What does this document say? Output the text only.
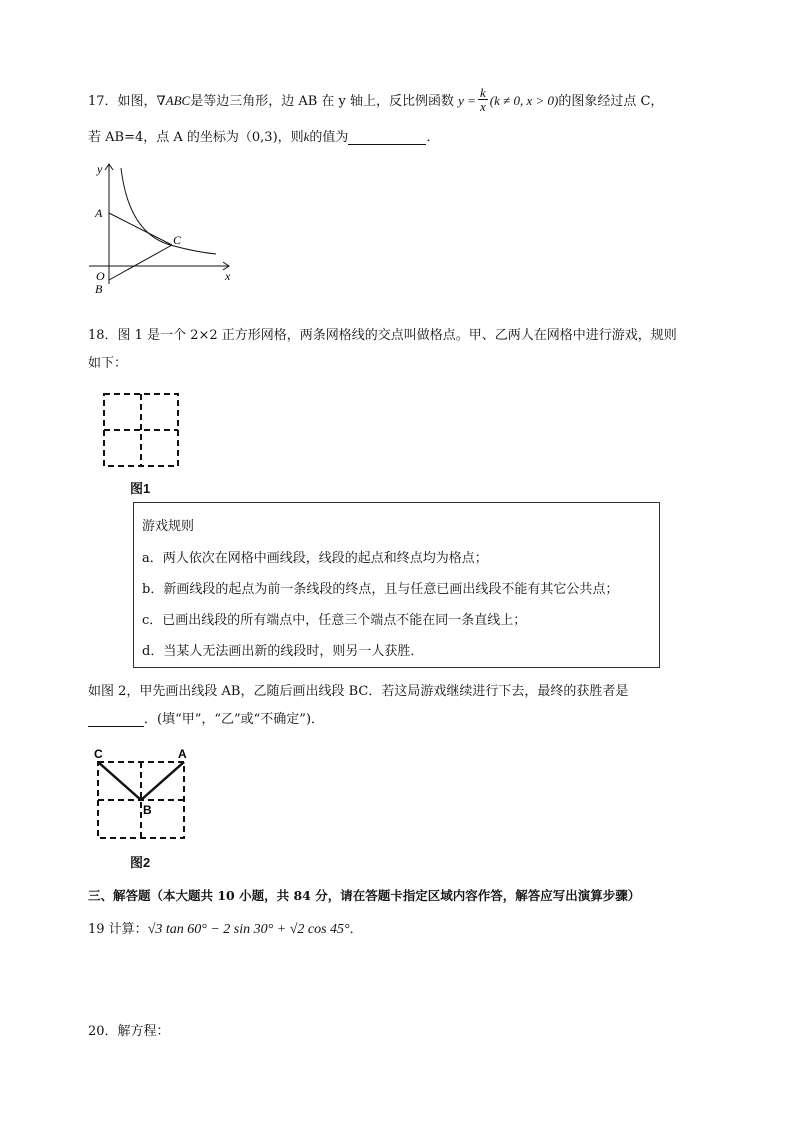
17．如图，∇ABC是等边三角形，边 AB 在 y 轴上，反比例函数 $y = \frac{k}{x} (k \ne 0$, x > 0)的图象经过点 C，
若 AB=4，点 A 的坐标为（0,3)，则k的值为	．
y
x
A
C
O
B
18．图 1 是一个 2×2 正方形网格，两条网格线的交点叫做格点。甲、乙两人在网格中进行游戏，规则
如下：
图1
游戏规则
a．两人依次在网格中画线段，线段的起点和终点均为格点；
b．新画线段的起点为前一条线段的终点，且与任意已画出线段不能有其它公共点；
c．已画出线段的所有端点中，任意三个端点不能在同一条直线上；
d．当某人无法画出新的线段时，则另一人获胜．
如图 2，甲先画出线段 AB，乙随后画出线段 BC．若这局游戏继续进行下去，最终的获胜者是
．(填“甲”，“乙”或“不确定”)．
C	A
B
图2
三、解答题（本大题共 10 小题，共 84 分，请在答题卡指定区域内容作答，解答应写出演算步骤）
19 计算：√3 tan 60° − 2 sin 30° + √2 cos 45°．
20．解方程：
